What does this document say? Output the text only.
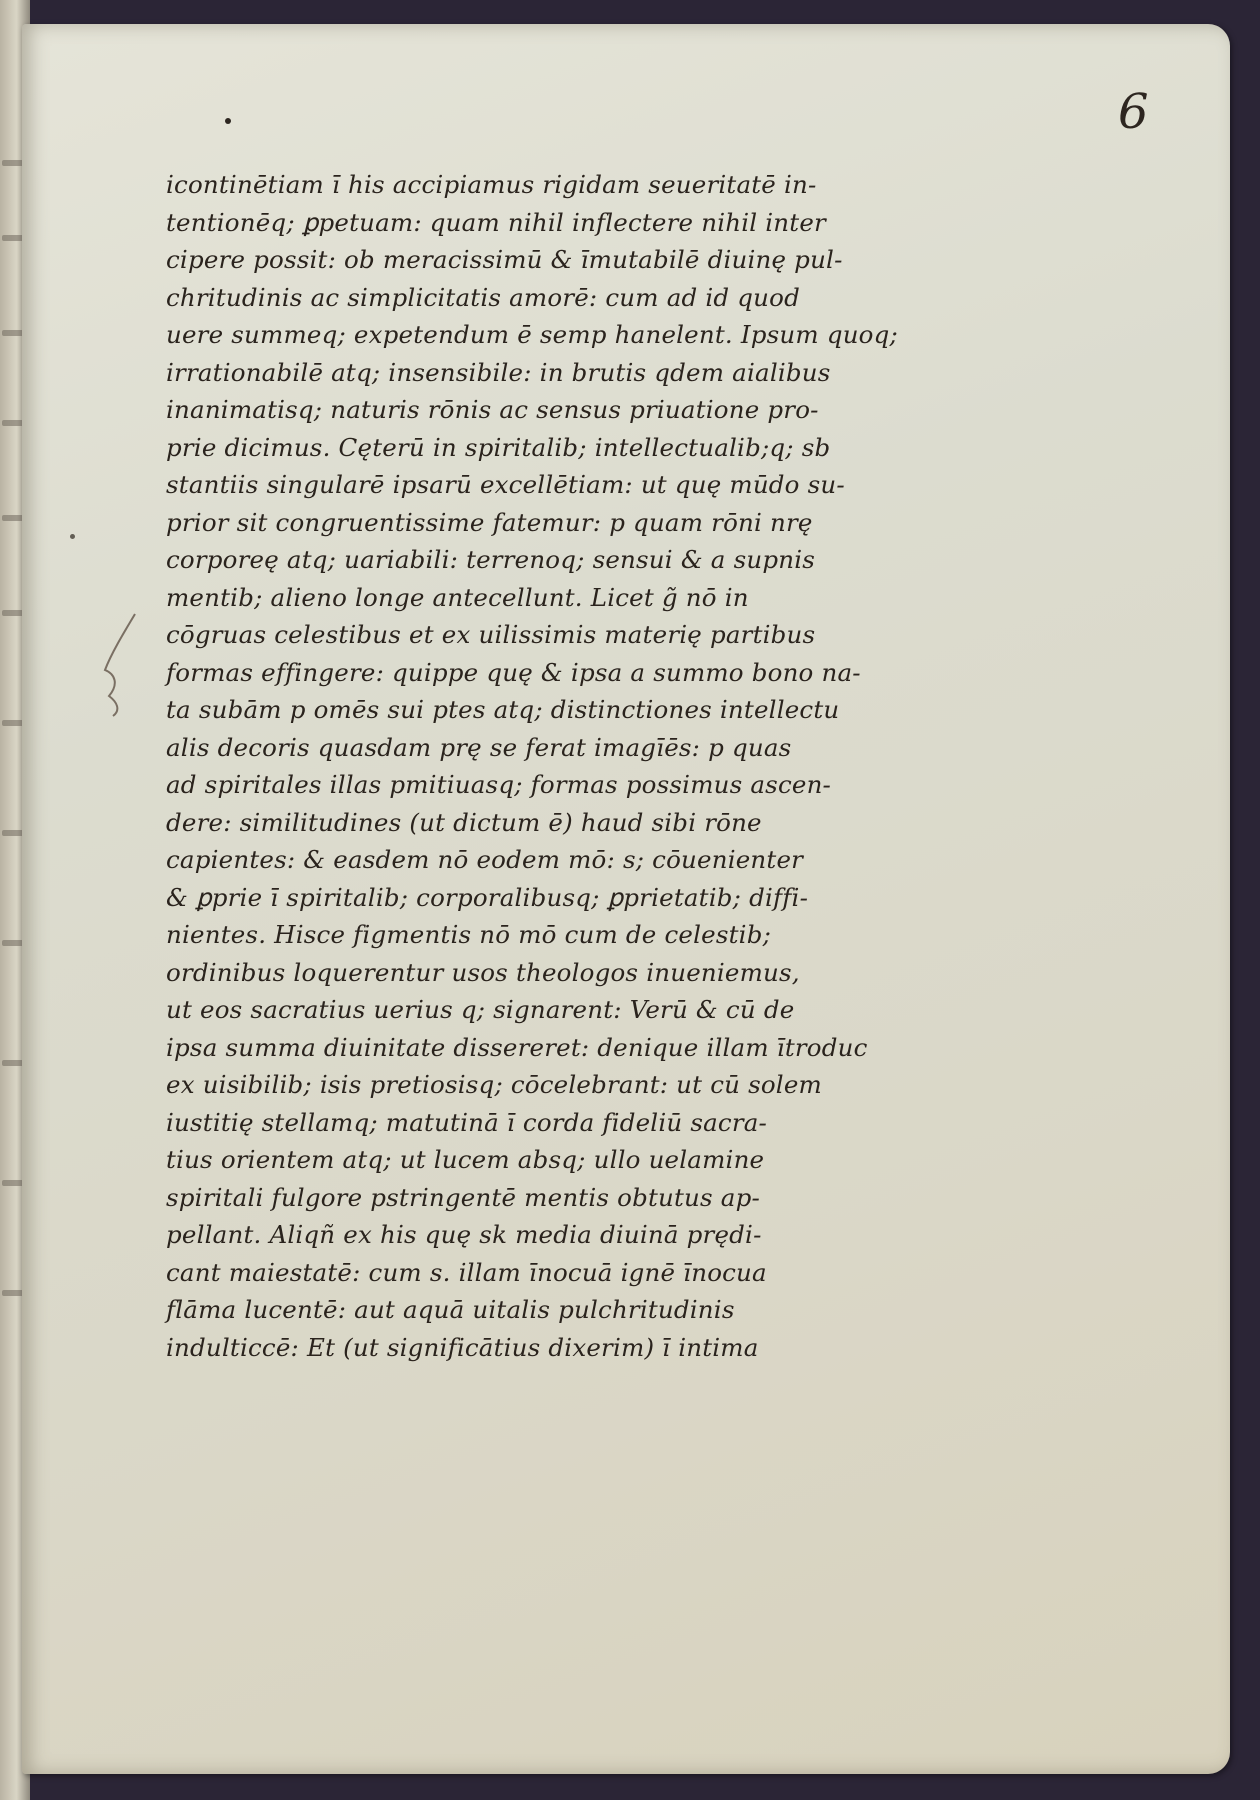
6

icontinētiam ī his accipiamus rigidam seueritatē in-
tentionēq; ꝑpetuam: quam nihil inflectere nihil inter
cipere possit: ob meracissimū & īmutabilē diuinę pul-
chritudinis ac simplicitatis amorē: cum ad id quod
uere summeq; expetendum ē semp hanelent. Ipsum quoq;
irrationabilē atq; insensibile: in brutis qdem aialibus
inanimatisq; naturis rōnis ac sensus priuatione pro-
prie dicimus. Cęterū in spiritalib; intellectualib;q; sb
stantiis singularē ipsarū excellētiam: ut quę mūdo su-
prior sit congruentissime fatemur: p quam rōni nrę
corporeę atq; uariabili: terrenoq; sensui & a supnis
mentib; alieno longe antecellunt. Licet g̃ nō in
cōgruas celestibus et ex uilissimis materię partibus
formas effingere: quippe quę & ipsa a summo bono na-
ta subām p omēs sui ptes atq; distinctiones intellectu
alis decoris quasdam prę se ferat imagīēs: p quas
ad spiritales illas pmitiuasq; formas possimus ascen-
dere: similitudines (ut dictum ē) haud sibi rōne
capientes: & easdem nō eodem mō: s; cōuenienter
& ꝑprie ī spiritalib; corporalibusq; ꝑprietatib; diffi-
nientes. Hisce figmentis nō mō cum de celestib;
ordinibus loquerentur usos theologos inueniemus,
ut eos sacratius uerius q; signarent: Verū & cū de
ipsa summa diuinitate dissereret: denique illam ītroduc
ex uisibilib; isis pretiosisq; cōcelebrant: ut cū solem
iustitię stellamq; matutinā ī corda fideliū sacra-
tius orientem atq; ut lucem absq; ullo uelamine
spiritali fulgore pstringentē mentis obtutus ap-
pellant. Aliqñ ex his quę sk media diuinā prędi-
cant maiestatē: cum s. illam īnocuā ignē īnocua
flāma lucentē: aut aquā uitalis pulchritudinis
indulticcē: Et (ut significātius dixerim) ī intima
